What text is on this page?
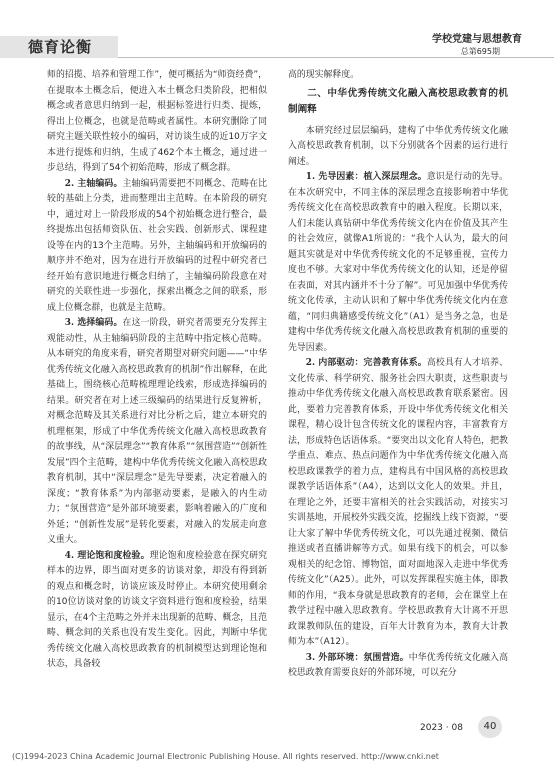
德育论衡	学校党建与思想教育
总第695期

师的招揽、培养和管理工作”，便可概括为“师资经费”，在提取本土概念后，便进入本土概念归类阶段，把相似概念或者意思归纳到一起，根据标签进行归类、提炼，得出上位概念，也就是范畴或者属性。本研究删除了同研究主题关联性较小的编码，对访谈生成的近10万字文本进行提炼和归纳，生成了462个本土概念，通过进一步总结，得到了54个初始范畴，形成了概念群。

2. 主轴编码。主轴编码需要把不同概念、范畴在比较的基础上分类，进而整理出主范畴。在本阶段的研究中，通过对上一阶段形成的54个初始概念进行整合，最终提炼出包括师资队伍、社会实践、创新形式、课程建设等在内的13个主范畴。另外，主轴编码和开放编码的顺序并不绝对，因为在进行开放编码的过程中研究者已经开始有意识地进行概念归纳了，主轴编码阶段意在对研究的关联性进一步强化，探索出概念之间的联系，形成上位概念群，也就是主范畴。

3. 选择编码。在这一阶段，研究者需要充分发挥主观能动性，从主轴编码阶段的主范畴中指定核心范畴。从本研究的角度来看，研究者期望对研究问题——“中华优秀传统文化融入高校思政教育的机制”作出解释，在此基础上，围绕核心范畴梳理理论线索，形成选择编码的结果。研究者在对上述三级编码的结果进行反复辨析，对概念范畴及其关系进行对比分析之后，建立本研究的机理框架，形成了中华优秀传统文化融入高校思政教育的故事线，从“深层理念”“教育体系”“氛围营造”“创新性发展”四个主范畴，建构中华优秀传统文化融入高校思政教育机制，其中“深层理念”是先导要素，决定着融入的深度；“教育体系”为内部驱动要素，是融入的内生动力；“氛围营造”是外部环境要素，影响着融入的广度和外延；“创新性发展”是转化要素，对融入的发展走向意义重大。

4. 理论饱和度检验。理论饱和度检验意在探究研究样本的边界，即当面对更多的访谈对象，却没有得到新的观点和概念时，访谈应该及时停止。本研究使用剩余的10位访谈对象的访谈文字资料进行饱和度检验，结果显示，在4个主范畴之外并未出现新的范畴、概念，且范畴、概念间的关系也没有发生变化。因此，判断中华优秀传统文化融入高校思政教育的机制模型达到理论饱和状态，具备较

高的现实解释度。

二、中华优秀传统文化融入高校思政教育的机制阐释

本研究经过层层编码，建构了中华优秀传统文化融入高校思政教育机制，以下分别就各个因素的运行进行阐述。

1. 先导因素：植入深层理念。意识是行动的先导。在本次研究中，不同主体的深层理念直接影响着中华优秀传统文化在高校思政教育中的融入程度。长期以来，人们未能认真钻研中华优秀传统文化内在价值及其产生的社会效应，就像A1所说的：“我个人认为，最大的问题其实就是对中华优秀传统文化的不足够重视，宣传力度也不够。大家对中华优秀传统文化的认知，还是停留在表面，对其内涵并不十分了解”。可见加强中华优秀传统文化传承，主动认识和了解中华优秀传统文化内在意蕴，“同归典籍感受传统文化”（A1）是当务之急，也是建构中华优秀传统文化融入高校思政教育机制的重要的先导因素。

2. 内部驱动：完善教育体系。高校具有人才培养、文化传承、科学研究、服务社会四大职责，这些职责与推动中华优秀传统文化融入高校思政教育联系紧密。因此，要着力完善教育体系，开设中华优秀传统文化相关课程，精心设计包含传统文化的课程内容，丰富教育方法，形成特色话语体系。“要突出以文化育人特色，把教学重点、难点、热点问题作为中华优秀传统文化融入高校思政课教学的着力点，建构具有中国风格的高校思政课教学话语体系”（A4），达到以文化人的效果。并且，在理论之外，还要丰富相关的社会实践活动，对接实习实训基地，开展校外实践交流，挖掘线上线下资源，“要让大家了解中华优秀传统文化，可以先通过视频、微信推送或者直播讲解等方式。如果有线下的机会，可以参观相关的纪念馆、博物馆，面对面地深入走进中华优秀传统文化”（A25）。此外，可以发挥课程实施主体，即教师的作用，“我本身就是思政教育的老师，会在课堂上在教学过程中融入思政教育。学校思政教育大计离不开思政课教师队伍的建设，百年大计教育为本，教育大计教师为本”（A12）。

3. 外部环境：氛围营造。中华优秀传统文化融入高校思政教育需要良好的外部环境，可以充分

2023 · 08	40
(C)1994-2023 China Academic Journal Electronic Publishing House. All rights reserved. http://www.cnki.net
